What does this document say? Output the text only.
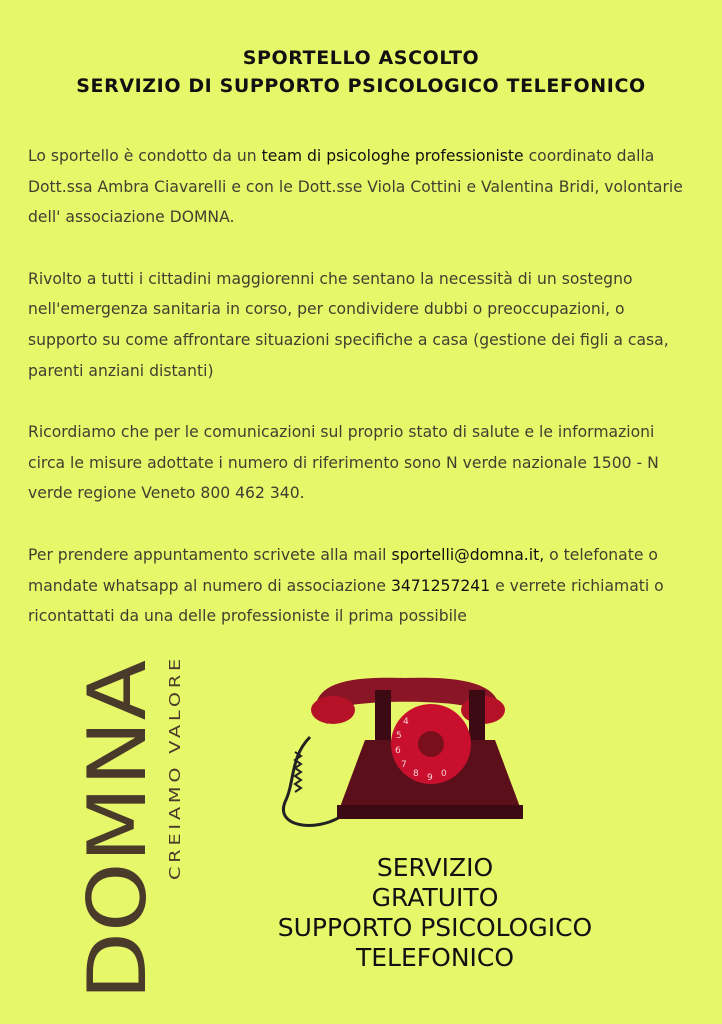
SPORTELLO ASCOLTO
SERVIZIO DI SUPPORTO PSICOLOGICO TELEFONICO

Lo sportello è condotto da un team di psicologhe professioniste coordinato dalla Dott.ssa Ambra Ciavarelli e con le Dott.sse Viola Cottini e Valentina Bridi, volontarie dell' associazione DOMNA.

Rivolto a tutti i cittadini maggiorenni che sentano la necessità di un sostegno nell'emergenza sanitaria in corso, per condividere dubbi o preoccupazioni, o supporto su come affrontare situazioni specifiche a casa (gestione dei figli a casa, parenti anziani distanti)

Ricordiamo che per le comunicazioni sul proprio stato di salute e le informazioni circa le misure adottate i numero di riferimento sono N verde nazionale 1500 - N verde regione Veneto 800 462 340.

Per prendere appuntamento scrivete alla mail sportelli@domna.it, o telefonate o mandate whatsapp al numero di associazione 3471257241 e verrete richiamati o ricontattati da una delle professioniste il prima possibile

DOMNA CREIAMO VALORE	4
5
6
7
8 9 0
SERVIZIO
GRATUITO
SUPPORTO PSICOLOGICO
TELEFONICO
